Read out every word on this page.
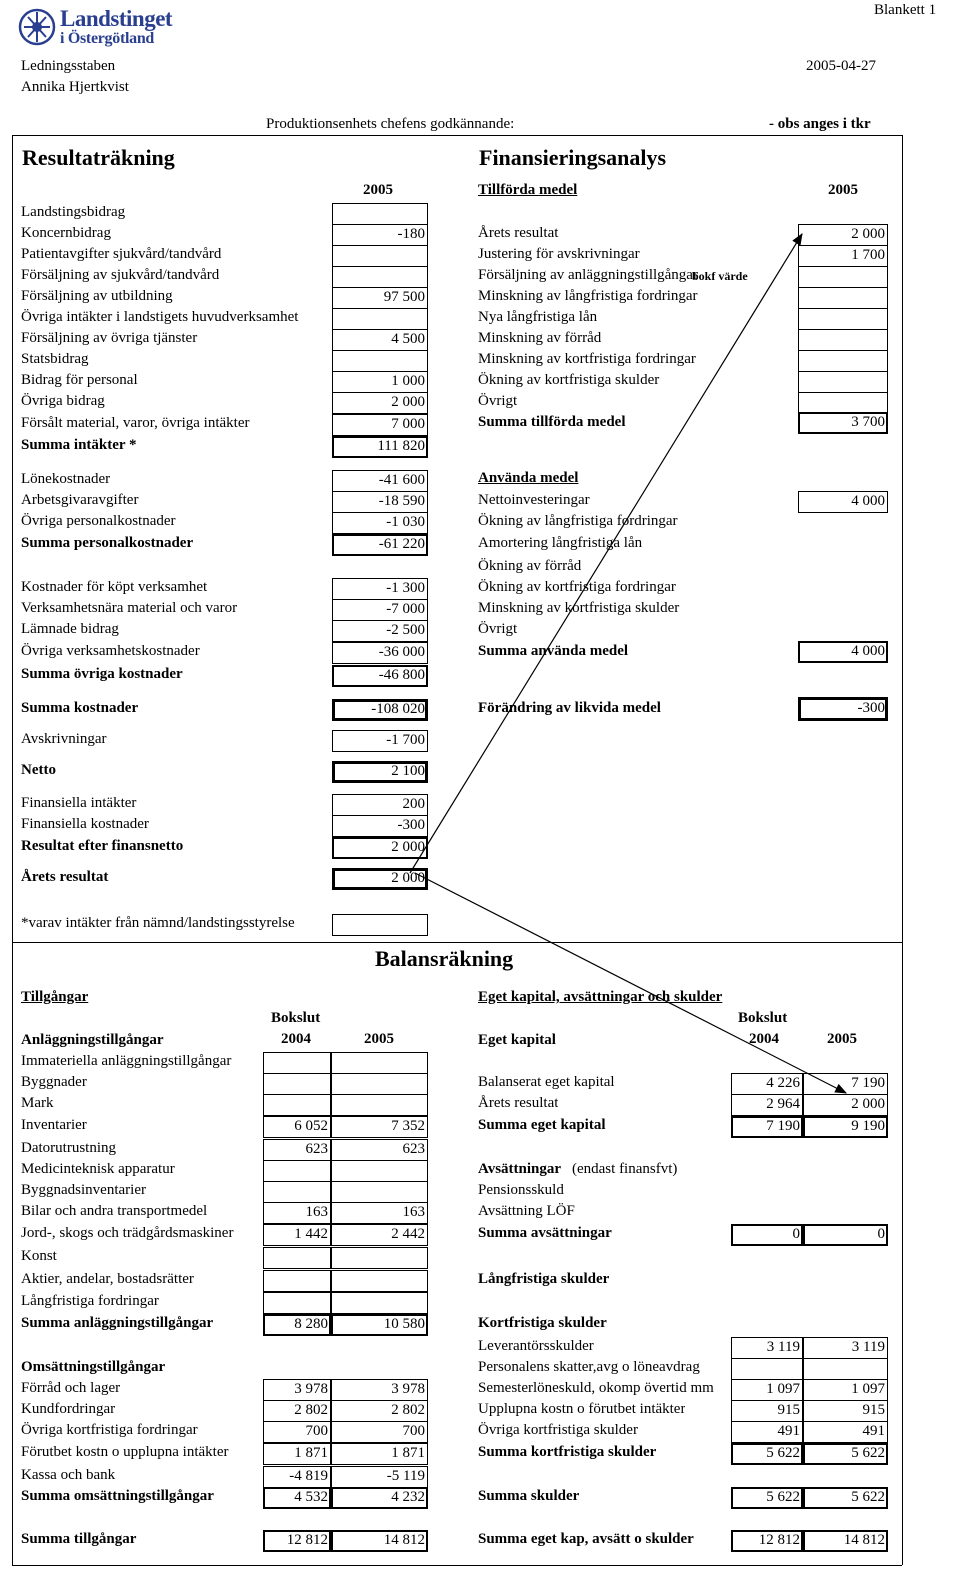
Landstinget
i Östergötland
Blankett 1
Ledningsstaben
Annika Hjertkvist
2005-04-27
Produktionsenhets chefens godkännande:	- obs anges i tkr
Resultaträkning	Finansieringsanalys
2005	Tillförda medel	2005
Landstingsbidrag
Koncernbidrag	-180
Patientavgifter sjukvård/tandvård
Försäljning av sjukvård/tandvård
Försäljning av utbildning	97 500
Övriga intäkter i landstigets huvudverksamhet
Försäljning av övriga tjänster	4 500
Statsbidrag
Bidrag för personal	1 000
Övriga bidrag	2 000
Försålt material, varor, övriga intäkter	7 000
Summa intäkter *	111 820
Lönekostnader	-41 600
Arbetsgivaravgifter	-18 590
Övriga personalkostnader	-1 030
Summa personalkostnader	-61 220
Kostnader för köpt verksamhet	-1 300
Verksamhetsnära material och varor	-7 000
Lämnade bidrag	-2 500
Övriga verksamhetskostnader	-36 000
Summa övriga kostnader	-46 800
Summa kostnader	-108 020
Avskrivningar	-1 700
Netto	2 100
Finansiella intäkter	200
Finansiella kostnader	-300
Resultat efter finansnetto	2 000
Årets resultat	2 000
*varav intäkter från nämnd/landstingsstyrelse
Årets resultat	2 000
Justering för avskrivningar	1 700
Försäljning av anläggningstillgångar
bokf värde
Minskning av långfristiga fordringar
Nya långfristiga lån
Minskning av förråd
Minskning av kortfristiga fordringar
Ökning av kortfristiga skulder
Övrigt
Summa tillförda medel	3 700
Använda medel
Nettoinvesteringar	4 000
Ökning av långfristiga fordringar
Amortering långfristiga lån
Ökning av förråd
Ökning av kortfristiga fordringar
Minskning av kortfristiga skulder
Övrigt
Summa använda medel	4 000
Förändring av likvida medel	-300
Balansräkning
Tillgångar	Eget kapital, avsättningar och skulder
Bokslut	Bokslut
2004	2005	2004	2005
Anläggningstillgångar
Immateriella anläggningstillgångar
Byggnader
Mark
Inventarier	6 052	7 352
Datorutrustning	623	623
Medicinteknisk apparatur
Byggnadsinventarier
Bilar och andra transportmedel	163	163
Jord-, skogs och trädgårdsmaskiner	1 442	2 442
Konst
Aktier, andelar, bostadsrätter
Långfristiga fordringar
Summa anläggningstillgångar	8 280	10 580
Omsättningstillgångar
Förråd och lager	3 978	3 978
Kundfordringar	2 802	2 802
Övriga kortfristiga fordringar	700	700
Förutbet kostn o upplupna intäkter	1 871	1 871
Kassa och bank	-4 819	-5 119
Summa omsättningstillgångar	4 532	4 232
Summa tillgångar	12 812	14 812
Eget kapital
Balanserat eget kapital	4 226	7 190
Årets resultat	2 964	2 000
Summa eget kapital	7 190	9 190
Avsättningar (endast finansfvt)
Pensionsskuld
Avsättning LÖF
Summa avsättningar	0	0
Långfristiga skulder
Kortfristiga skulder
Leverantörsskulder	3 119	3 119
Personalens skatter,avg o löneavdrag
Semesterlöneskuld, okomp övertid mm	1 097	1 097
Upplupna kostn o förutbet intäkter	915	915
Övriga kortfristiga skulder	491	491
Summa kortfristiga skulder	5 622	5 622
Summa skulder	5 622	5 622
Summa eget kap, avsätt o skulder	12 812	14 812
